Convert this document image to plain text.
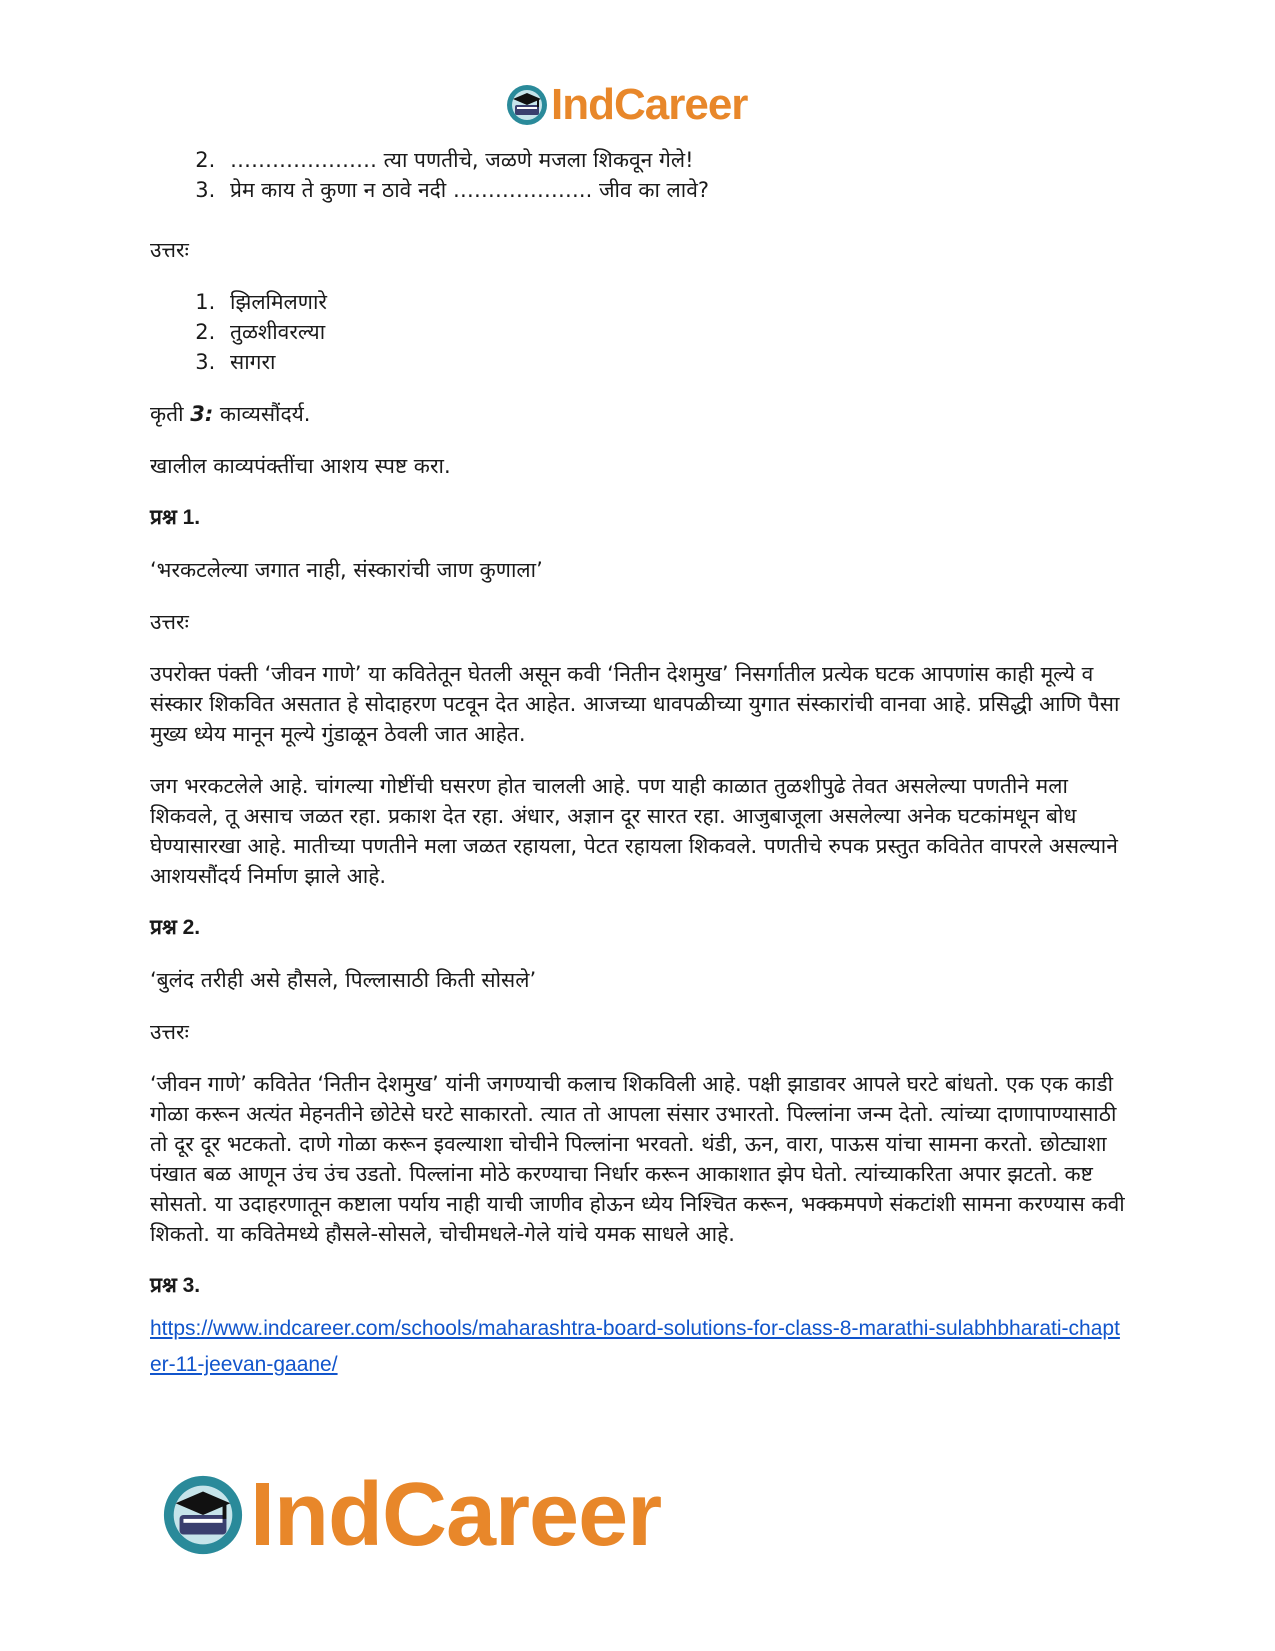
IndCareer
2. ………………… त्या पणतीचे, जळणे मजला शिकवून गेले!
3. प्रेम काय ते कुणा न ठावे नदी ……………….. जीव का लावे?

उत्तरः

1. झिलमिलणारे
2. तुळशीवरल्या
3. सागरा

कृती 3: काव्यसौंदर्य.

खालील काव्यपंक्तींचा आशय स्पष्ट करा.

प्रश्न 1.

‘भरकटलेल्या जगात नाही, संस्कारांची जाण कुणाला’

उत्तरः

उपरोक्त पंक्ती ‘जीवन गाणे’ या कवितेतून घेतली असून कवी ‘नितीन देशमुख’ निसर्गातील प्रत्येक घटक आपणांस काही मूल्ये व संस्कार शिकवित असतात हे सोदाहरण पटवून देत आहेत. आजच्या धावपळीच्या युगात संस्कारांची वानवा आहे. प्रसिद्धी आणि पैसा मुख्य ध्येय मानून मूल्ये गुंडाळून ठेवली जात आहेत.

जग भरकटलेले आहे. चांगल्या गोष्टींची घसरण होत चालली आहे. पण याही काळात तुळशीपुढे तेवत असलेल्या पणतीने मला शिकवले, तू असाच जळत रहा. प्रकाश देत रहा. अंधार, अज्ञान दूर सारत रहा. आजुबाजूला असलेल्या अनेक घटकांमधून बोध घेण्यासारखा आहे. मातीच्या पणतीने मला जळत रहायला, पेटत रहायला शिकवले. पणतीचे रुपक प्रस्तुत कवितेत वापरले असल्याने आशयसौंदर्य निर्माण झाले आहे.

प्रश्न 2.

‘बुलंद तरीही असे हौसले, पिल्लासाठी किती सोसले’

उत्तरः

‘जीवन गाणे’ कवितेत ‘नितीन देशमुख’ यांनी जगण्याची कलाच शिकविली आहे. पक्षी झाडावर आपले घरटे बांधतो. एक एक काडी गोळा करून अत्यंत मेहनतीने छोटेसे घरटे साकारतो. त्यात तो आपला संसार उभारतो. पिल्लांना जन्म देतो. त्यांच्या दाणापाण्यासाठी तो दूर दूर भटकतो. दाणे गोळा करून इवल्याशा चोचीने पिल्लांना भरवतो. थंडी, ऊन, वारा, पाऊस यांचा सामना करतो. छोट्याशा पंखात बळ आणून उंच उंच उडतो. पिल्लांना मोठे करण्याचा निर्धार करून आकाशात झेप घेतो. त्यांच्याकरिता अपार झटतो. कष्ट सोसतो. या उदाहरणातून कष्टाला पर्याय नाही याची जाणीव होऊन ध्येय निश्चित करून, भक्कमपणे संकटांशी सामना करण्यास कवी शिकतो. या कवितेमध्ये हौसले-सोसले, चोचीमधले-गेले यांचे यमक साधले आहे.

प्रश्न 3.

https://www.indcareer.com/schools/maharashtra-board-solutions-for-class-8-marathi-sulabhbharati-chapter-11-jeevan-gaane/
IndCareer
